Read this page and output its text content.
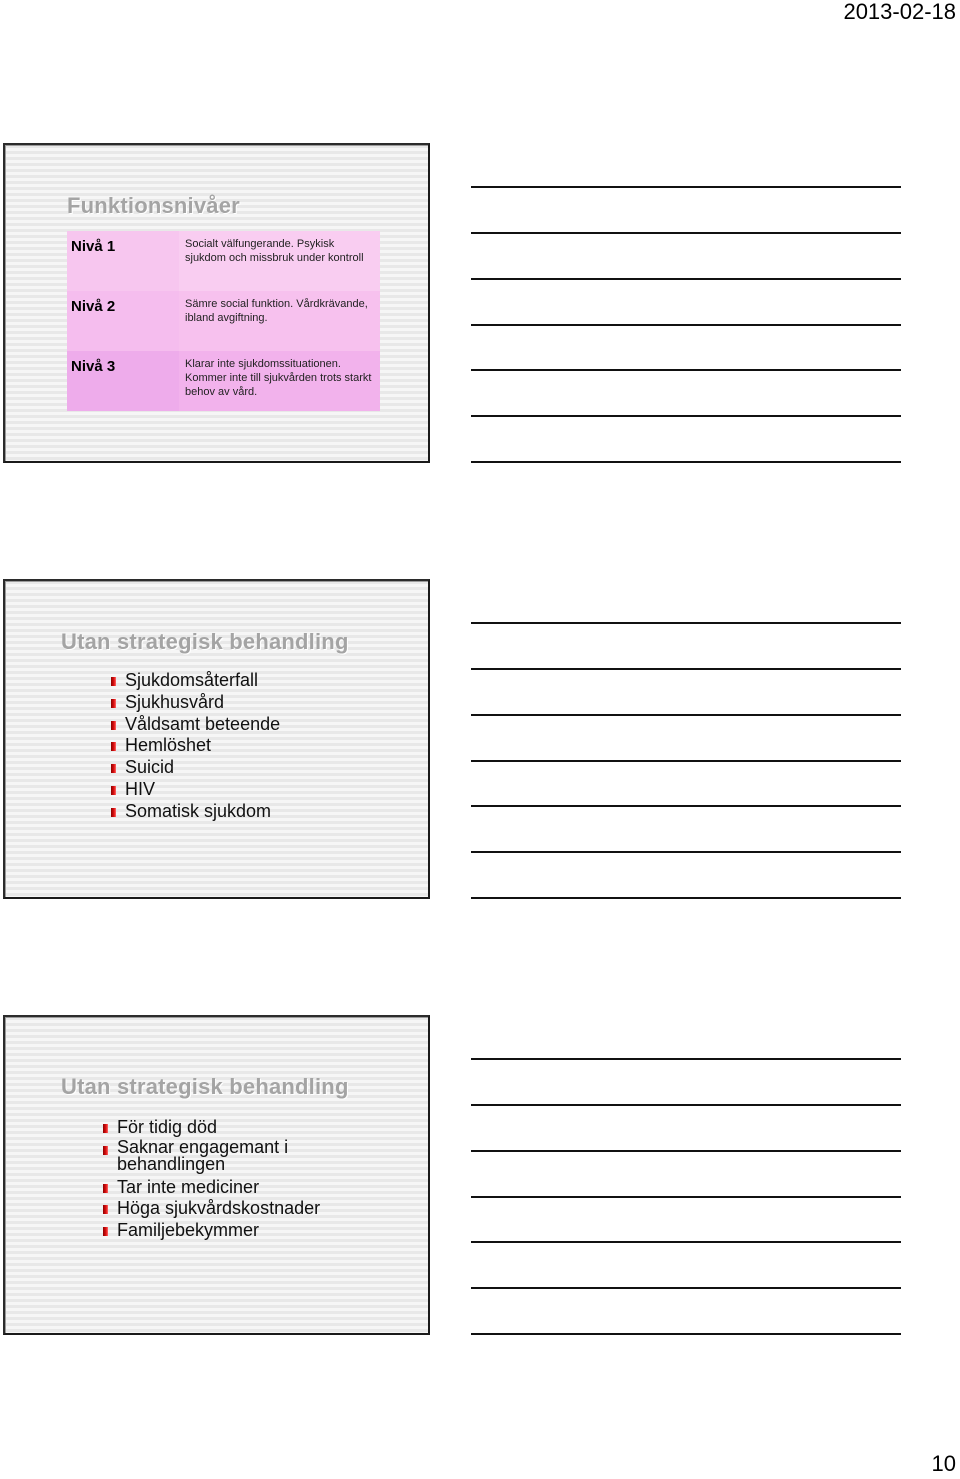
2013-02-18
Funktionsnivåer
Nivå 1	Socialt välfungerande. Psykisk sjukdom och missbruk under kontroll
Nivå 2	Sämre social funktion. Vårdkrävande, ibland avgiftning.
Nivå 3	Klarar inte sjukdomssituationen. Kommer inte till sjukvården trots starkt behov av vård.
Utan strategisk behandling
Sjukdomsåterfall
Sjukhusvård
Våldsamt beteende
Hemlöshet
Suicid
HIV
Somatisk sjukdom
Utan strategisk behandling
För tidig död
Saknar engagemant i behandlingen
Tar inte mediciner
Höga sjukvårdskostnader
Familjebekymmer
10
